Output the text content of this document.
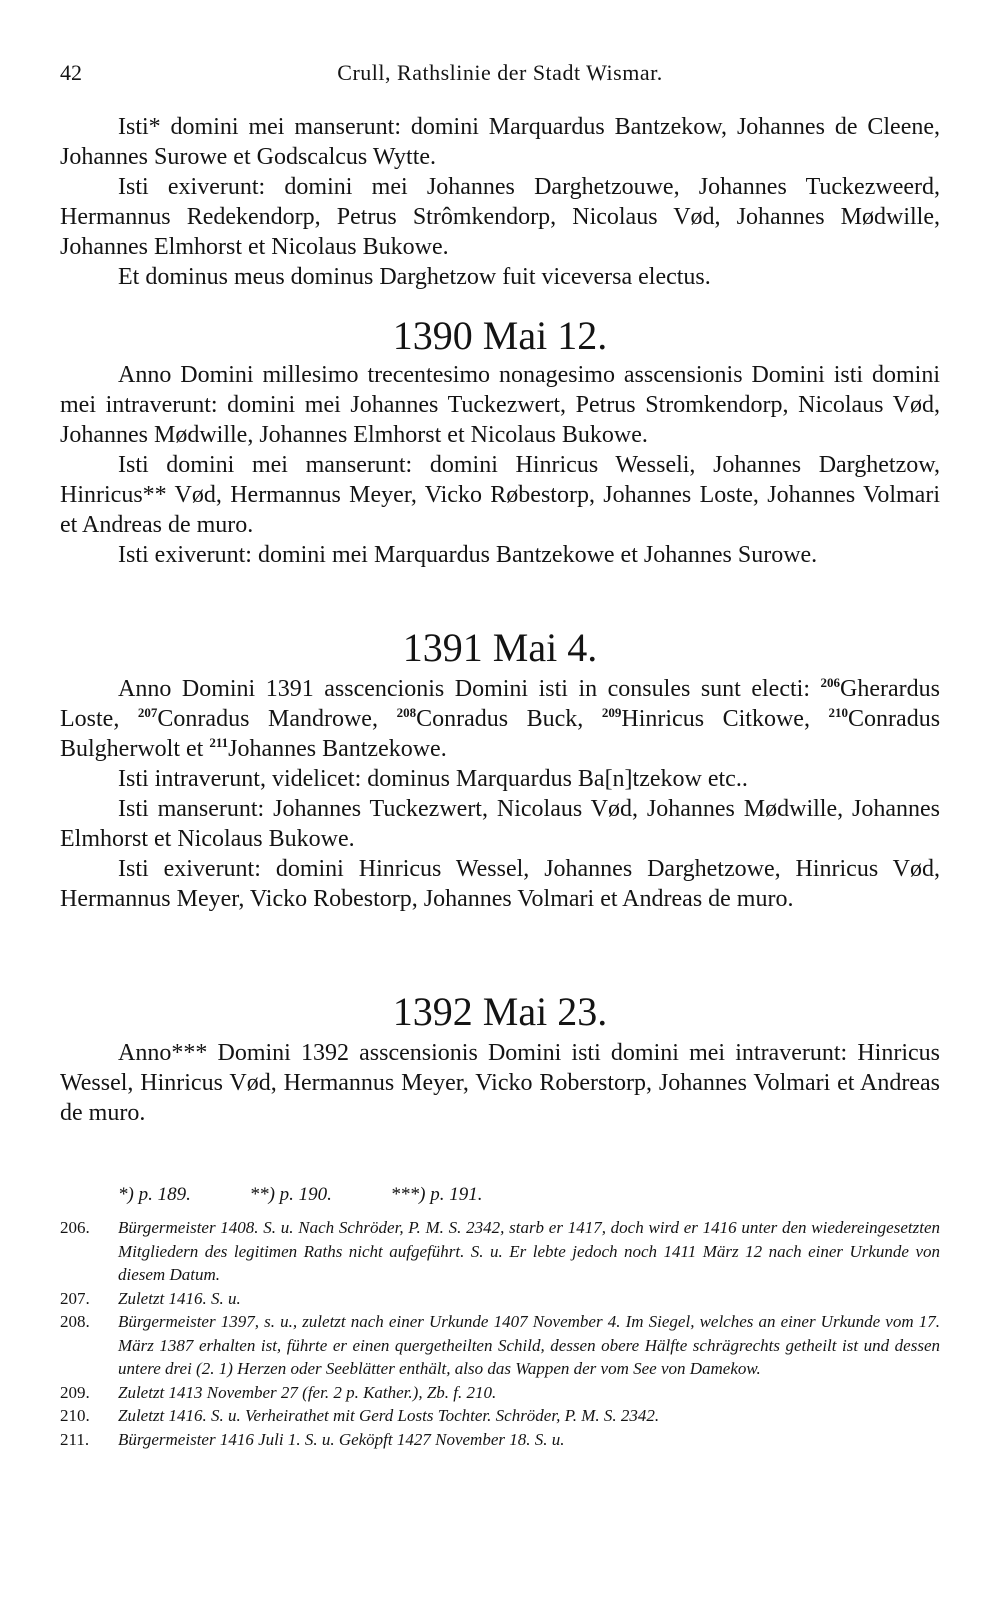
42	Crull, Rathslinie der Stadt Wismar.

Isti* domini mei manserunt: domini Marquardus Bantzekow, Johannes de Cleene, Johannes Surowe et Godscalcus Wytte.

Isti exiverunt: domini mei Johannes Darghetzouwe, Johannes Tuckezweerd, Hermannus Redekendorp, Petrus Strômkendorp, Nicolaus Vød, Johannes Mødwille, Johannes Elmhorst et Nicolaus Bukowe.

Et dominus meus dominus Darghetzow fuit viceversa electus.

1390 Mai 12.

Anno Domini millesimo trecentesimo nonagesimo asscensionis Domini isti domini mei intraverunt: domini mei Johannes Tuckezwert, Petrus Stromkendorp, Nicolaus Vød, Johannes Mødwille, Johannes Elmhorst et Nicolaus Bukowe.

Isti domini mei manserunt: domini Hinricus Wesseli, Johannes Darghetzow, Hinricus** Vød, Hermannus Meyer, Vicko Røbestorp, Johannes Loste, Johannes Volmari et Andreas de muro.

Isti exiverunt: domini mei Marquardus Bantzekowe et Johannes Surowe.

1391 Mai 4.

Anno Domini 1391 asscencionis Domini isti in consules sunt electi: $^{206}$Gherardus Loste, $^{207}$Conradus Mandrowe, $^{208}$Conradus Buck, $^{209}$Hinricus Citkowe, $^{210}$Conradus Bulgherwolt et $^{211}$Johannes Bantzekowe.

Isti intraverunt, videlicet: dominus Marquardus Ba[n]tzekow etc..

Isti manserunt: Johannes Tuckezwert, Nicolaus Vød, Johannes Mødwille, Johannes Elmhorst et Nicolaus Bukowe.

Isti exiverunt: domini Hinricus Wessel, Johannes Darghetzowe, Hinricus Vød, Hermannus Meyer, Vicko Robestorp, Johannes Volmari et Andreas de muro.

1392 Mai 23.

Anno*** Domini 1392 asscensionis Domini isti domini mei intraverunt: Hinricus Wessel, Hinricus Vød, Hermannus Meyer, Vicko Roberstorp, Johannes Volmari et Andreas de muro.

*) p. 189.	**) p. 190.	***) p. 191.
206.	Bürgermeister 1408. S. u. Nach Schröder, P. M. S. 2342, starb er 1417, doch wird er 1416 unter den wiedereingesetzten Mitgliedern des legitimen Raths nicht aufgeführt. S. u. Er lebte jedoch noch 1411 März 12 nach einer Urkunde von diesem Datum.
207.	Zuletzt 1416. S. u.
208.	Bürgermeister 1397, s. u., zuletzt nach einer Urkunde 1407 November 4. Im Siegel, welches an einer Urkunde vom 17. März 1387 erhalten ist, führte er einen quergetheilten Schild, dessen obere Hälfte schrägrechts getheilt ist und dessen untere drei (2. 1) Herzen oder Seeblätter enthält, also das Wappen der vom See von Damekow.
209.	Zuletzt 1413 November 27 (fer. 2 p. Kather.), Zb. f. 210.
210.	Zuletzt 1416. S. u. Verheirathet mit Gerd Losts Tochter. Schröder, P. M. S. 2342.
211.	Bürgermeister 1416 Juli 1. S. u. Geköpft 1427 November 18. S. u.
